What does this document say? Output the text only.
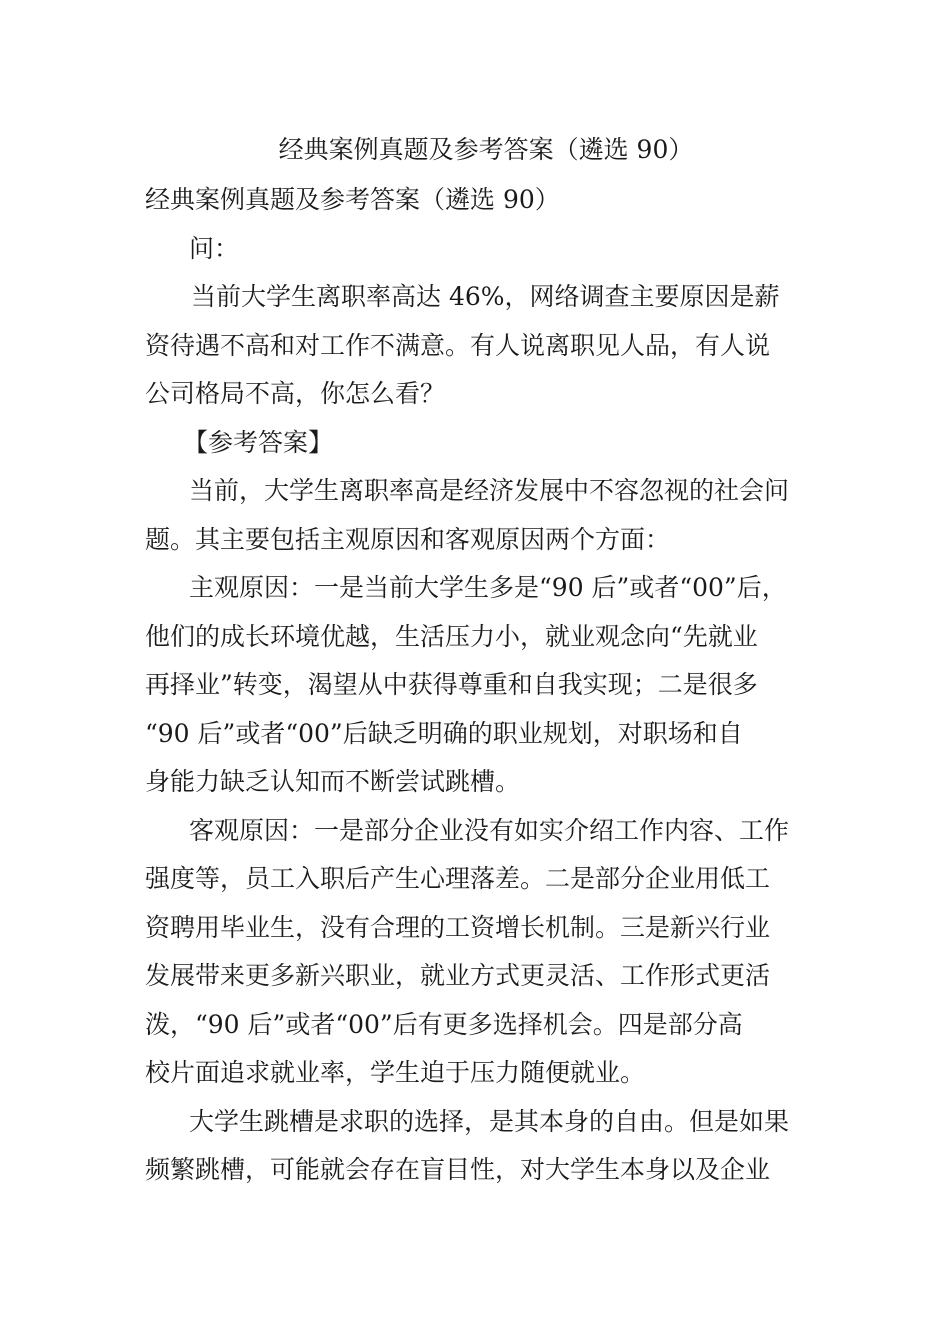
经典案例真题及参考答案（遴选 90）

经典案例真题及参考答案（遴选 90）

问：

当前大学生离职率高达 46%，网络调查主要原因是薪
资待遇不高和对工作不满意。有人说离职见人品，有人说
公司格局不高，你怎么看？

【参考答案】

当前，大学生离职率高是经济发展中不容忽视的社会问
题。其主要包括主观原因和客观原因两个方面：

主观原因：一是当前大学生多是“90 后”或者“00”后，
他们的成长环境优越，生活压力小，就业观念向“先就业
再择业”转变，渴望从中获得尊重和自我实现；二是很多
“90 后”或者“00”后缺乏明确的职业规划，对职场和自
身能力缺乏认知而不断尝试跳槽。

客观原因：一是部分企业没有如实介绍工作内容、工作
强度等，员工入职后产生心理落差。二是部分企业用低工
资聘用毕业生，没有合理的工资增长机制。三是新兴行业
发展带来更多新兴职业，就业方式更灵活、工作形式更活
泼，“90 后”或者“00”后有更多选择机会。四是部分高
校片面追求就业率，学生迫于压力随便就业。

大学生跳槽是求职的选择，是其本身的自由。但是如果
频繁跳槽，可能就会存在盲目性，对大学生本身以及企业
